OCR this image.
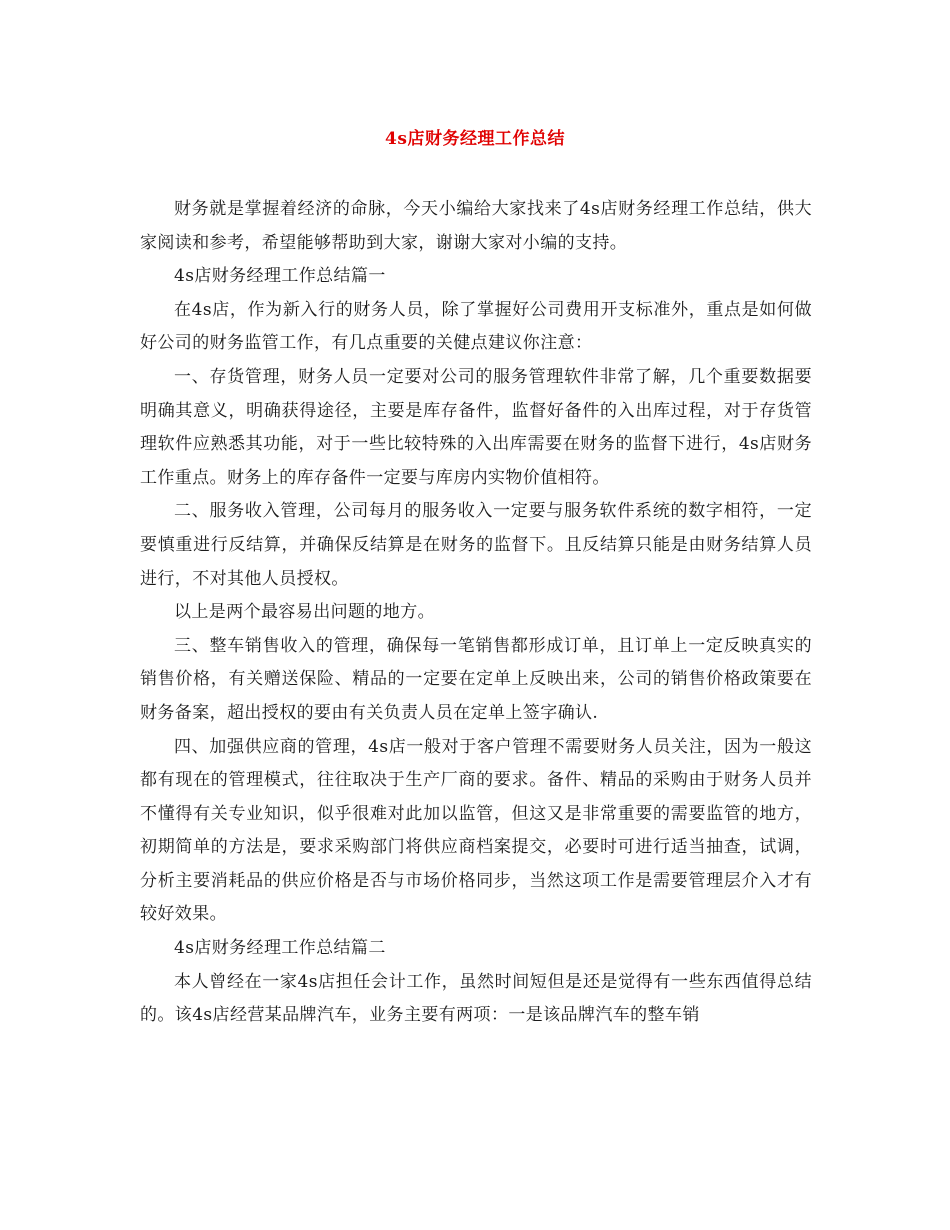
4s店财务经理工作总结

财务就是掌握着经济的命脉，今天小编给大家找来了4s店财务经理工作总结，供大家阅读和参考，希望能够帮助到大家，谢谢大家对小编的支持。

4s店财务经理工作总结篇一

在4s店，作为新入行的财务人员，除了掌握好公司费用开支标准外，重点是如何做好公司的财务监管工作，有几点重要的关健点建议你注意：

一、存货管理，财务人员一定要对公司的服务管理软件非常了解，几个重要数据要明确其意义，明确获得途径，主要是库存备件，监督好备件的入出库过程，对于存货管理软件应熟悉其功能，对于一些比较特殊的入出库需要在财务的监督下进行，4s店财务工作重点。财务上的库存备件一定要与库房内实物价值相符。

二、服务收入管理，公司每月的服务收入一定要与服务软件系统的数字相符，一定要慎重进行反结算，并确保反结算是在财务的监督下。且反结算只能是由财务结算人员进行，不对其他人员授权。

以上是两个最容易出问题的地方。

三、整车销售收入的管理，确保每一笔销售都形成订单，且订单上一定反映真实的销售价格，有关赠送保险、精品的一定要在定单上反映出来，公司的销售价格政策要在财务备案，超出授权的要由有关负责人员在定单上签字确认.

四、加强供应商的管理，4s店一般对于客户管理不需要财务人员关注，因为一般这都有现在的管理模式，往往取决于生产厂商的要求。备件、精品的采购由于财务人员并不懂得有关专业知识，似乎很难对此加以监管，但这又是非常重要的需要监管的地方，初期简单的方法是，要求采购部门将供应商档案提交，必要时可进行适当抽查，试调，分析主要消耗品的供应价格是否与市场价格同步，当然这项工作是需要管理层介入才有较好效果。

4s店财务经理工作总结篇二

本人曾经在一家4s店担任会计工作，虽然时间短但是还是觉得有一些东西值得总结的。该4s店经营某品牌汽车，业务主要有两项：一是该品牌汽车的整车销
